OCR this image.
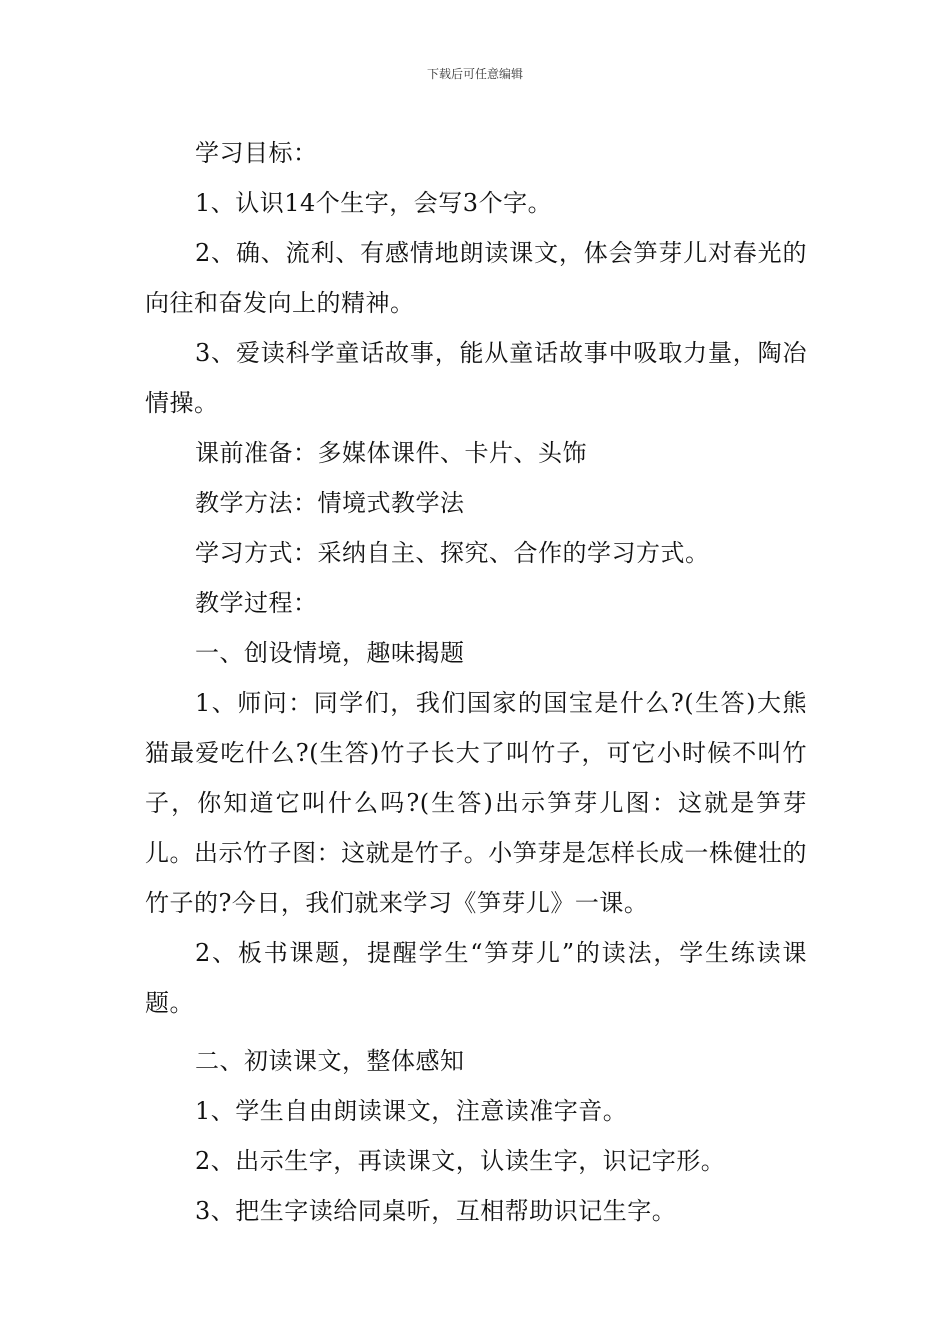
下载后可任意编辑

学习目标：

1、认识14个生字，会写3个字。

2、确、流利、有感情地朗读课文，体会笋芽儿对春光的向往和奋发向上的精神。

3、爱读科学童话故事，能从童话故事中吸取力量，陶冶情操。

课前准备：多媒体课件、卡片、头饰

教学方法：情境式教学法

学习方式：采纳自主、探究、合作的学习方式。

教学过程：

一、创设情境，趣味揭题

1、师问：同学们，我们国家的国宝是什么?(生答)大熊猫最爱吃什么?(生答)竹子长大了叫竹子，可它小时候不叫竹子，你知道它叫什么吗?(生答)出示笋芽儿图：这就是笋芽儿。出示竹子图：这就是竹子。小笋芽是怎样长成一株健壮的竹子的?今日，我们就来学习《笋芽儿》一课。

2、板书课题，提醒学生“笋芽儿”的读法，学生练读课题。

二、初读课文，整体感知

1、学生自由朗读课文，注意读准字音。

2、出示生字，再读课文，认读生字，识记字形。

3、把生字读给同桌听，互相帮助识记生字。
